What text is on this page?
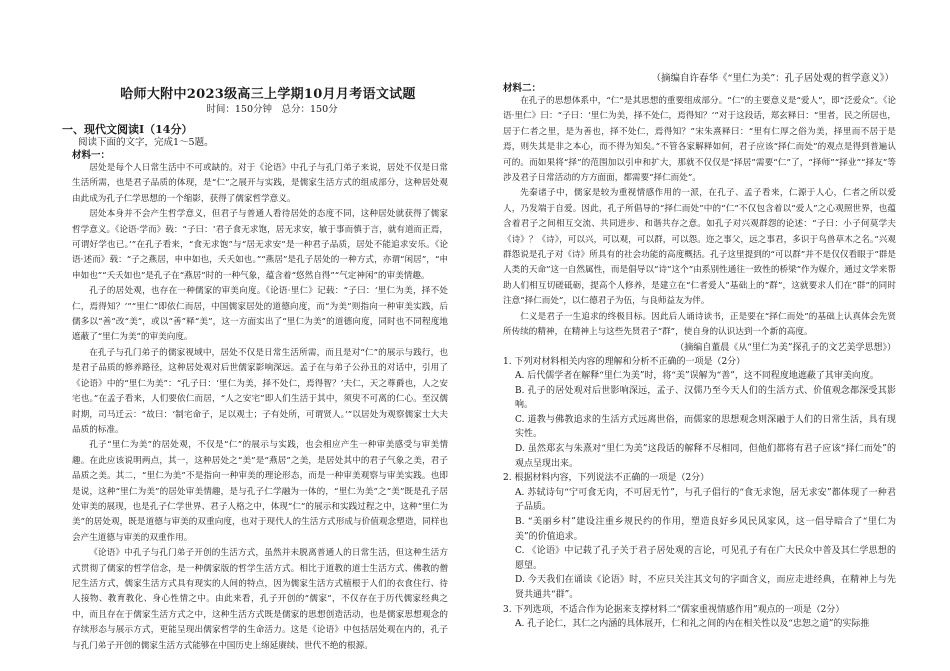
哈师大附中2023级高三上学期10月月考语文试题
时间：150分钟　总分：150分
（摘编自许春华《“里仁为美”：孔子居处观的哲学意义》）
一、现代文阅读Ⅰ（14分）
阅读下面的文字，完成1～5题。
材料一：

居处是每个人日常生活中不可或缺的。对于《论语》中孔子与孔门弟子来说，居处不仅是日常生活所需，也是君子品质的体现，是“仁”之展开与实践，是儒家生活方式的组成部分，这种居处观由此成为孔子仁学思想的一个缩影，获得了儒家哲学意义。

居处本身并不会产生哲学意义，但君子与普通人看待居处的态度不同，这种居处就获得了儒家哲学意义。《论语·学而》载：“子曰：‘君子食无求饱，居无求安，敏于事而慎于言，就有道而正焉，可谓好学也已。’”在孔子看来，“食无求饱”与“居无求安”是一种君子品质，居处不能追求安乐。《论语·述而》载：“子之燕居，申申如也，夭夭如也。”“燕居”是孔子居处的一种方式，亦谓“闲居”，“申申如也”“夭夭如也”是孔子在“燕居”时的一种气象，蕴含着“悠然自得”“气定神闲”的审美情趣。

孔子的居处观，也存在一种儒家的审美向度。《论语·里仁》记载：“子曰：‘里仁为美，择不处仁，焉得知？’”“里仁”即依仁而居，中国儒家居处的道德向度，而“为美”则指向一种审美实践，后儒多以“善”改“美”，或以“善”释“美”，这一方面实出了“里仁为美”的道德向度，同时也不同程度地遮蔽了“里仁为美”的审美向度。

在孔子与孔门弟子的儒家视域中，居处不仅是日常生活所需，而且是对“仁”的展示与践行，也是君子品质的修养路径，这种居处观对后世儒家影响深远。孟子在与弟子公孙丑的对话中，引用了《论语》中的“里仁为美”：“孔子曰：‘里仁为美，择不处仁，焉得智？’夫仁，天之尊爵也，人之安宅也。”在孟子看来，人们要依仁而居，“人之安宅”即人们生活于其中，须臾不可离的仁心。至汉儒时期，司马迁云：“故曰：‘制宅命子，足以观士；子有处所，可谓贤人。’”以居处为观察儒家士大夫品质的标准。

孔子“里仁为美”的居处观，不仅是“仁”的展示与实践，也会相应产生一种审美感受与审美情趣。在此应该说明两点，其一，这种居处之“美”是“燕居”之美，是居处其中的君子气象之美，君子品质之美。其二，“里仁为美”不是指向一种审美的理论形态，而是一种审美观察与审美实践。也即是说，这种“里仁为美”的居处审美情趣，是与孔子仁学融为一体的，“里仁为美”之“美”既是孔子居处审美的展现，也是孔子仁学世界、君子人格之中，体现“仁”的展示和实践过程之中，这种“里仁为美”的居处观，既是道德与审美的双重向度，也对于现代人的生活方式形成与价值观念塑造，同样也会产生道德与审美的双重作用。

《论语》中孔子与孔门弟子开创的生活方式，虽然并未脱离普通人的日常生活，但这种生活方式贯彻了儒家的哲学信念，是一种儒家版的哲学生活方式。相比于道教的道士生活方式、佛教的僧尼生活方式，儒家生活方式具有现实的人间的特点，因为儒家生活方式植根于人们的衣食住行、待人接物、教育教化、身心性情之中。由此来看，孔子开创的“儒家”，不仅存在于历代儒家经典之中，而且存在于儒家生活方式之中，这种生活方式既是儒家的思想创造活动，也是儒家思想观念的存续形态与展示方式，更能呈现出儒家哲学的生命活力。这是《论语》中包括居处观在内的，孔子与孔门弟子开创的儒家生活方式能够在中国历史上绵延赓续、世代不绝的根源。

材料二：

在孔子的思想体系中，“仁”是其思想的重要组成部分。“仁”的主要意义是“爱人”，即“泛爱众”。《论语·里仁》曰：“子曰：‘里仁为美，择不处仁，焉得知？’”对于这段话，郑玄释曰：“里者，民之所居也，居于仁者之里，是为善也，择不处仁，焉得知？”宋朱熹释曰：“里有仁厚之俗为美，择里而不居于是焉，则失其是非之本心，而不得为知矣。”不管各家解释如何，君子应该“择仁而处”的观点是得到普遍认可的。而如果将“择”的范围加以引申和扩大，那就不仅仅是“择居”需要“仁”了，“择师”“择业”“择友”等涉及君子日常活动的方方面面，都需要“择仁而处”。

先秦诸子中，儒家是较为重视情感作用的一派，在孔子、孟子看来，仁源于人心，仁者之所以爱人，乃发端于自爱。因此，孔子所倡导的“择仁而处”中的“仁”不仅包含着以“爱人”之心观照世界，也蕴含着君子之间相互交流、共同进步、和谐共存之意。如孔子对兴观群怨的论述：“子曰：小子何莫学夫《诗》？《诗》，可以兴，可以观，可以群，可以怨。迩之事父，远之事君，多识于鸟兽草木之名。”兴观群怨说是孔子对《诗》所具有的社会功能的高度概括。孔子这里提到的“可以群”并不是仅仅看眼于“群是人类的天命”这一自然属性，而是倡导以“诗”这个“由系别性通往一致性的桥梁”作为媒介，通过文学来帮助人们相互切磋砥砺，提高个人修养，是建立在“仁者爱人”基础上的“群”，这就要求人们在“群”的同时注意“择仁而处”，以仁德君子为伍，与良师益友为伴。

仁义是君子一生追求的终极目标。因此后人诵诗读书，正是要在“择仁而处”的基础上认真体会先贤所传续的精神，在精神上与这些先贤君子“群”，使自身的认识达到一个新的高度。

（摘编自董晨《从“里仁为美”探孔子的文艺美学思想》）

1. 下列对材料相关内容的理解和分析不正确的一项是（2分）

A. 后代儒学者在解释“里仁为美”时，将“美”误解为“善”，这不同程度地遮蔽了其审美向度。

B. 孔子的居处观对后世影响深远，孟子、汉儒乃至今天人们的生活方式、价值观念都深受其影响。

C. 道教与佛教追求的生活方式远离世俗，而儒家的思想观念则深融于人们的日常生活，具有现实性。

D. 虽然郑玄与朱熹对“里仁为美”这段话的解释不尽相同，但他们都将有君子应该“择仁而处”的观点呈现出来。

2. 根据材料内容，下列说法不正确的一项是（2分）

A. 苏轼诗句“宁可食无肉，不可居无竹”，与孔子倡行的“食无求饱，居无求安”都体现了一种君子品质。

B. “美丽乡村”建设注重乡规民约的作用，塑造良好乡风民风家风，这一倡导暗合了“里仁为美”的价值追求。

C. 《论语》中记载了孔子关于君子居处观的言论，可见孔子有在广大民众中普及其仁学思想的愿望。

D. 今天我们在诵读《论语》时，不应只关注其文句的字面含义，而应走进经典，在精神上与先贤共通共“群”。

3. 下列选项，不适合作为论据来支撑材料二“儒家重视情感作用”观点的一项是（2分）

A. 孔子论仁，其仁之内涵的具体展开，仁和礼之间的内在相关性以及“忠恕之道”的实际推
